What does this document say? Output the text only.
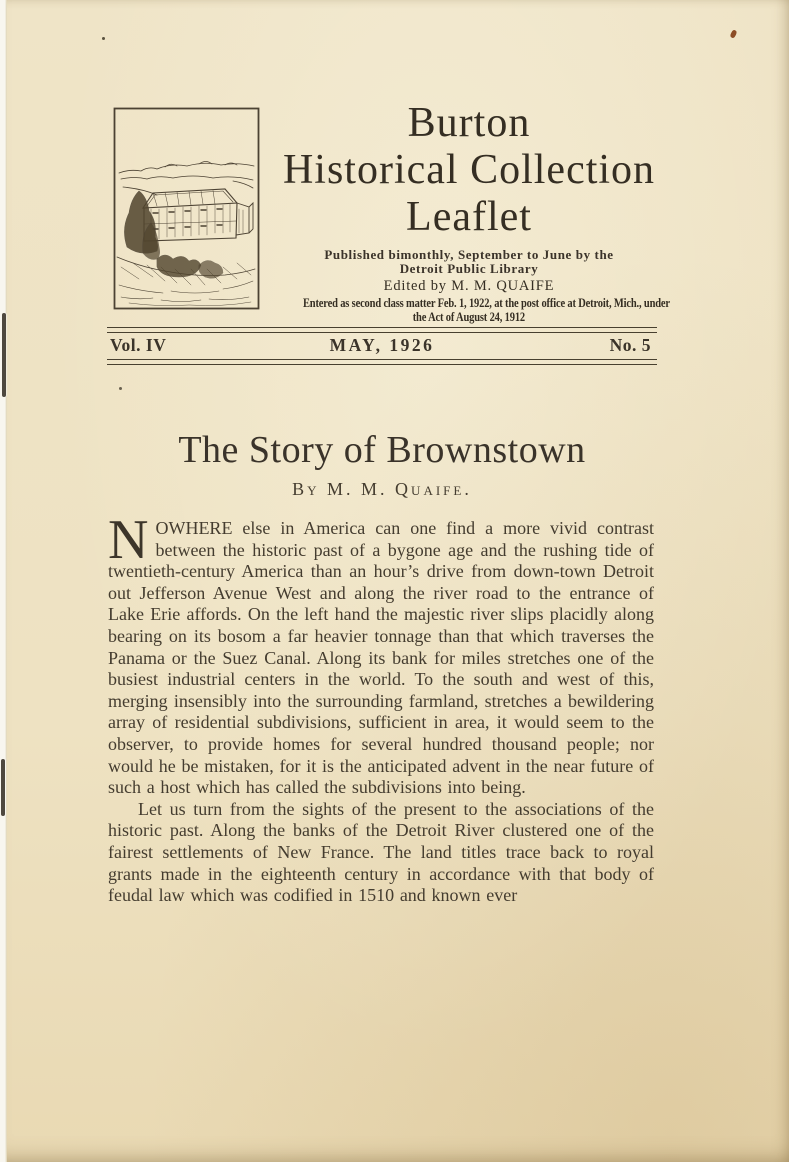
Burton
Historical Collection
Leaflet
Published bimonthly, September to June by the
Detroit Public Library
Edited by M. M. QUAIFE
Entered as second class matter Feb. 1, 1922, at the post office at Detroit, Mich., under
the Act of August 24, 1912
Vol. IV	MAY, 1926	No. 5
The Story of Brownstown
By M. M. Quaife.

NOWHERE else in America can one find a more vivid contrast between the historic past of a bygone age and the rushing tide of twentieth-century America than an hour’s drive from down-town Detroit out Jefferson Avenue West and along the river road to the entrance of Lake Erie affords. On the left hand the majestic river slips placidly along bearing on its bosom a far heavier tonnage than that which traverses the Panama or the Suez Canal. Along its bank for miles stretches one of the busiest industrial centers in the world. To the south and west of this, merging insensibly into the surrounding farmland, stretches a bewildering array of residential subdivisions, sufficient in area, it would seem to the observer, to provide homes for several hundred thousand people; nor would he be mistaken, for it is the anticipated advent in the near future of such a host which has called the subdivisions into being.

Let us turn from the sights of the present to the associations of the historic past. Along the banks of the Detroit River clustered one of the fairest settlements of New France. The land titles trace back to royal grants made in the eighteenth century in accordance with that body of feudal law which was codified in 1510 and known ever
